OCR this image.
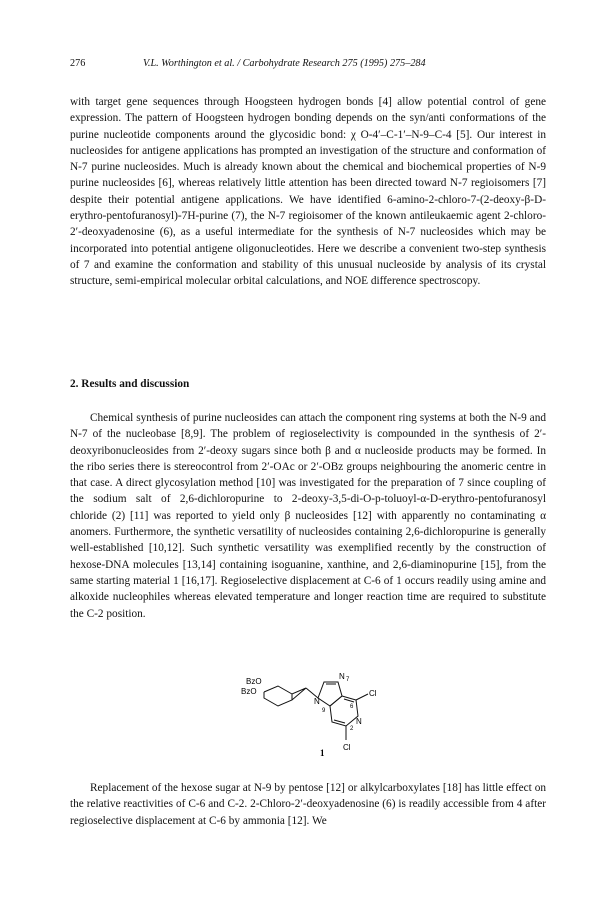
276	V.L. Worthington et al. / Carbohydrate Research 275 (1995) 275–284

with target gene sequences through Hoogsteen hydrogen bonds [4] allow potential control of gene expression. The pattern of Hoogsteen hydrogen bonding depends on the syn/anti conformations of the purine nucleotide components around the glycosidic bond: χ O-4′–C-1′–N-9–C-4 [5]. Our interest in nucleosides for antigene applications has prompted an investigation of the structure and conformation of N-7 purine nucleosides. Much is already known about the chemical and biochemical properties of N-9 purine nucleosides [6], whereas relatively little attention has been directed toward N-7 regioisomers [7] despite their potential antigene applications. We have identified 6-amino-2-chloro-7-(2-deoxy-β-D-erythro-pentofuranosyl)-7H-purine (7), the N-7 regioisomer of the known antileukaemic agent 2-chloro-2′-deoxyadenosine (6), as a useful intermediate for the synthesis of N-7 nucleosides which may be incorporated into potential antigene oligonucleotides. Here we describe a convenient two-step synthesis of 7 and examine the conformation and stability of this unusual nucleoside by analysis of its crystal structure, semi-empirical molecular orbital calculations, and NOE difference spectroscopy.

2. Results and discussion

Chemical synthesis of purine nucleosides can attach the component ring systems at both the N-9 and N-7 of the nucleobase [8,9]. The problem of regioselectivity is compounded in the synthesis of 2′-deoxyribonucleosides from 2′-deoxy sugars since both β and α nucleoside products may be formed. In the ribo series there is stereocontrol from 2′-OAc or 2′-OBz groups neighbouring the anomeric centre in that case. A direct glycosylation method [10] was investigated for the preparation of 7 since coupling of the sodium salt of 2,6-dichloropurine to 2-deoxy-3,5-di-O-p-toluoyl-α-D-erythro-pentofuranosyl chloride (2) [11] was reported to yield only β nucleosides [12] with apparently no contaminating α anomers. Furthermore, the synthetic versatility of nucleosides containing 2,6-dichloropurine is generally well-established [10,12]. Such synthetic versatility was exemplified recently by the construction of hexose-DNA molecules [13,14] containing isoguanine, xanthine, and 2,6-diaminopurine [15], from the same starting material 1 [16,17]. Regioselective displacement at C-6 of 1 occurs readily using amine and alkoxide nucleophiles whereas elevated temperature and longer reaction time are required to substitute the C-2 position.

BzO
BzO
N 7
N
9
N
Cl
Cl
6
2
1

Replacement of the hexose sugar at N-9 by pentose [12] or alkylcarboxylates [18] has little effect on the relative reactivities of C-6 and C-2. 2-Chloro-2′-deoxyadenosine (6) is readily accessible from 4 after regioselective displacement at C-6 by ammonia [12]. We
